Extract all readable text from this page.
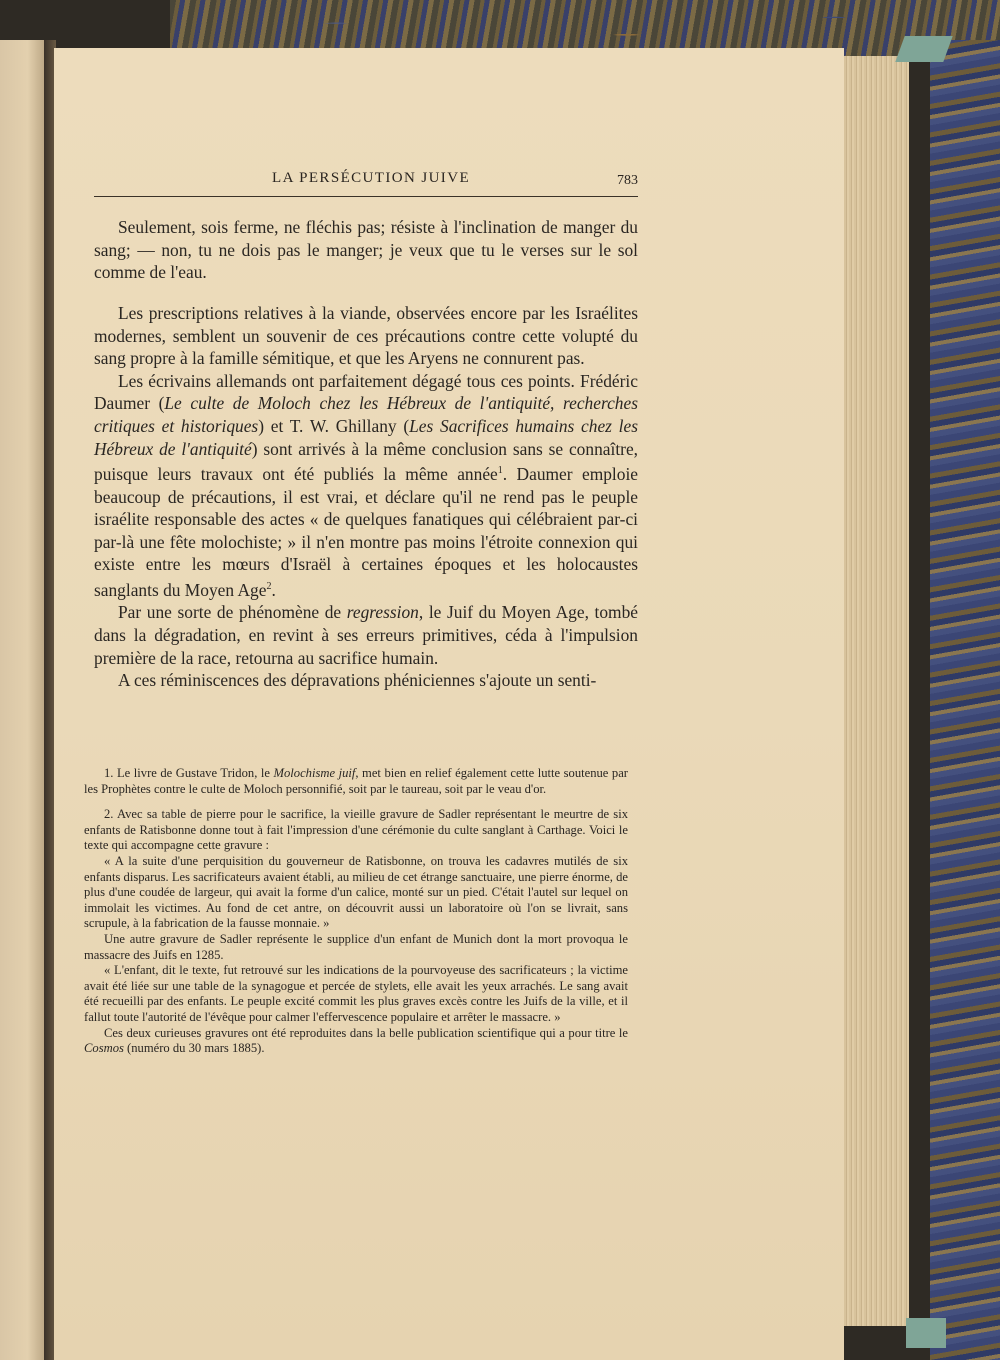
LA PERSÉCUTION JUIVE	783

Seulement, sois ferme, ne fléchis pas; résiste à l'inclination de manger du sang; — non, tu ne dois pas le manger; je veux que tu le verses sur le sol comme de l'eau.

Les prescriptions relatives à la viande, observées encore par les Israélites modernes, semblent un souvenir de ces précautions contre cette volupté du sang propre à la famille sémitique, et que les Aryens ne connurent pas.

Les écrivains allemands ont parfaitement dégagé tous ces points. Frédéric Daumer (Le culte de Moloch chez les Hébreux de l'antiquité, recherches critiques et historiques) et T. W. Ghillany (Les Sacrifices humains chez les Hébreux de l'antiquité) sont arrivés à la même conclusion sans se connaître, puisque leurs travaux ont été publiés la même année$^1$. Daumer emploie beaucoup de précautions, il est vrai, et déclare qu'il ne rend pas le peuple israélite responsable des actes « de quelques fanatiques qui célébraient par-ci par-là une fête molochiste; » il n'en montre pas moins l'étroite connexion qui existe entre les mœurs d'Israël à certaines époques et les holocaustes sanglants du Moyen Age$^2$.

Par une sorte de phénomène de regression, le Juif du Moyen Age, tombé dans la dégradation, en revint à ses erreurs primitives, céda à l'impulsion première de la race, retourna au sacrifice humain.

A ces réminiscences des dépravations phéniciennes s'ajoute un senti-

1. Le livre de Gustave Tridon, le Molochisme juif, met bien en relief également cette lutte soutenue par les Prophètes contre le culte de Moloch personnifié, soit par le taureau, soit par le veau d'or.

2. Avec sa table de pierre pour le sacrifice, la vieille gravure de Sadler représentant le meurtre de six enfants de Ratisbonne donne tout à fait l'impression d'une cérémonie du culte sanglant à Carthage. Voici le texte qui accompagne cette gravure :

« A la suite d'une perquisition du gouverneur de Ratisbonne, on trouva les cadavres mutilés de six enfants disparus. Les sacrificateurs avaient établi, au milieu de cet étrange sanctuaire, une pierre énorme, de plus d'une coudée de largeur, qui avait la forme d'un calice, monté sur un pied. C'était l'autel sur lequel on immolait les victimes. Au fond de cet antre, on découvrit aussi un laboratoire où l'on se livrait, sans scrupule, à la fabrication de la fausse monnaie. »

Une autre gravure de Sadler représente le supplice d'un enfant de Munich dont la mort provoqua le massacre des Juifs en 1285.

« L'enfant, dit le texte, fut retrouvé sur les indications de la pourvoyeuse des sacrificateurs ; la victime avait été liée sur une table de la synagogue et percée de stylets, elle avait les yeux arrachés. Le sang avait été recueilli par des enfants. Le peuple excité commit les plus graves excès contre les Juifs de la ville, et il fallut toute l'autorité de l'évêque pour calmer l'effervescence populaire et arrêter le massacre. »

Ces deux curieuses gravures ont été reproduites dans la belle publication scientifique qui a pour titre le Cosmos (numéro du 30 mars 1885).
